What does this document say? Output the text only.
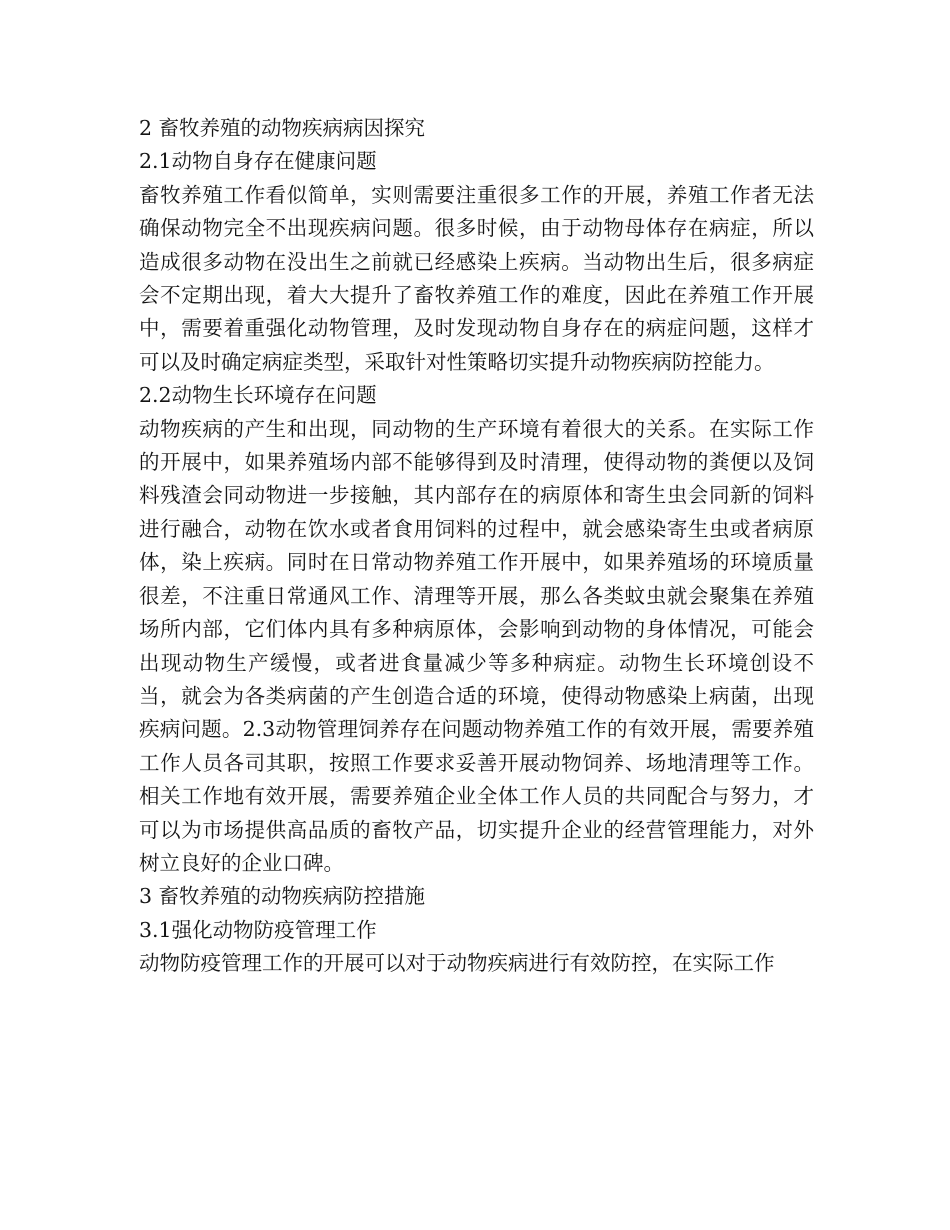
2 畜牧养殖的动物疾病病因探究

2.1动物自身存在健康问题

畜牧养殖工作看似简单，实则需要注重很多工作的开展，养殖工作者无法确保动物完全不出现疾病问题。很多时候，由于动物母体存在病症，所以造成很多动物在没出生之前就已经感染上疾病。当动物出生后，很多病症会不定期出现，着大大提升了畜牧养殖工作的难度，因此在养殖工作开展中，需要着重强化动物管理，及时发现动物自身存在的病症问题，这样才可以及时确定病症类型，采取针对性策略切实提升动物疾病防控能力。

2.2动物生长环境存在问题

动物疾病的产生和出现，同动物的生产环境有着很大的关系。在实际工作的开展中，如果养殖场内部不能够得到及时清理，使得动物的粪便以及饲料残渣会同动物进一步接触，其内部存在的病原体和寄生虫会同新的饲料进行融合，动物在饮水或者食用饲料的过程中，就会感染寄生虫或者病原体，染上疾病。同时在日常动物养殖工作开展中，如果养殖场的环境质量很差，不注重日常通风工作、清理等开展，那么各类蚊虫就会聚集在养殖场所内部，它们体内具有多种病原体，会影响到动物的身体情况，可能会出现动物生产缓慢，或者进食量减少等多种病症。动物生长环境创设不当，就会为各类病菌的产生创造合适的环境，使得动物感染上病菌，出现疾病问题。2.3动物管理饲养存在问题动物养殖工作的有效开展，需要养殖工作人员各司其职，按照工作要求妥善开展动物饲养、场地清理等工作。相关工作地有效开展，需要养殖企业全体工作人员的共同配合与努力，才可以为市场提供高品质的畜牧产品，切实提升企业的经营管理能力，对外树立良好的企业口碑。

3 畜牧养殖的动物疾病防控措施

3.1强化动物防疫管理工作

动物防疫管理工作的开展可以对于动物疾病进行有效防控，在实际工作
